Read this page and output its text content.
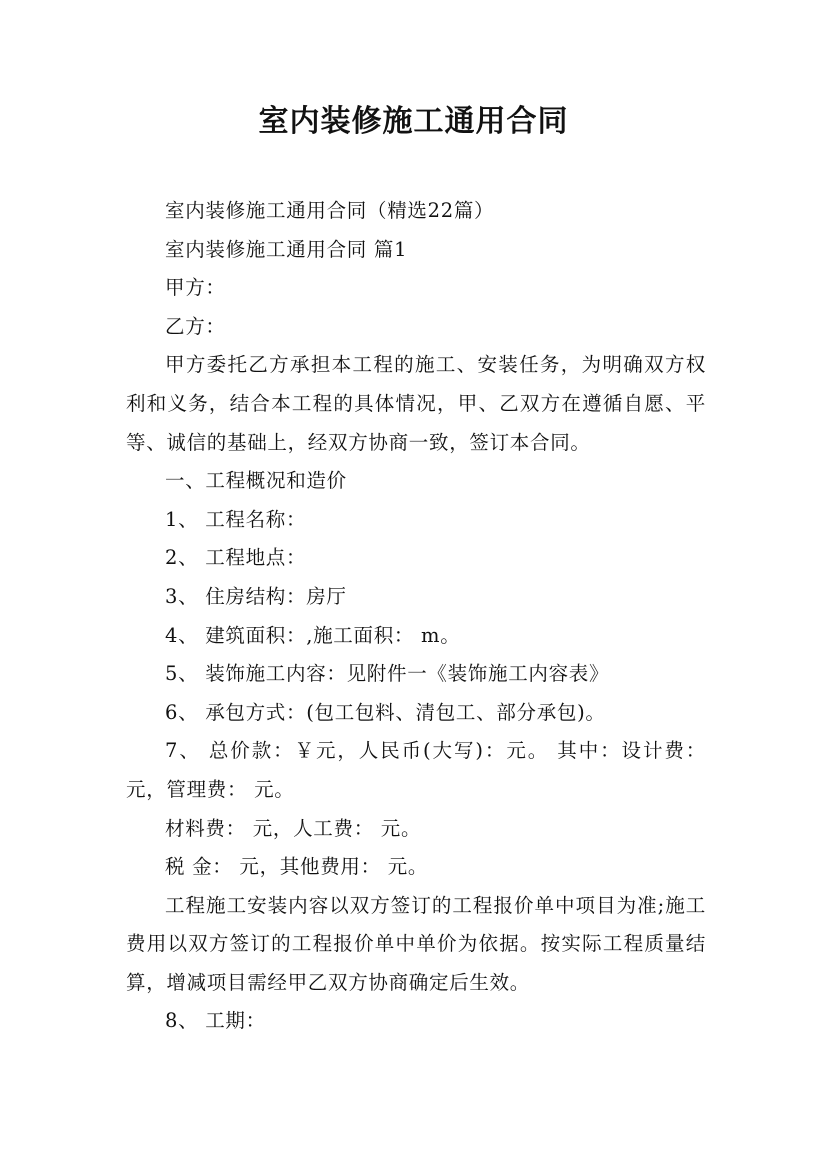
室内装修施工通用合同

室内装修施工通用合同（精选22篇）

室内装修施工通用合同 篇1

甲方：

乙方：

甲方委托乙方承担本工程的施工、安装任务，为明确双方权利和义务，结合本工程的具体情况，甲、乙双方在遵循自愿、平等、诚信的基础上，经双方协商一致，签订本合同。

一、工程概况和造价

1、 工程名称：

2、 工程地点：

3、 住房结构：房厅

4、 建筑面积：,施工面积： m。

5、 装饰施工内容：见附件一《装饰施工内容表》

6、 承包方式：(包工包料、清包工、部分承包)。

7、 总价款：￥元，人民币(大写)：元。 其中：设计费： 元，管理费： 元。

材料费： 元，人工费： 元。

税 金： 元，其他费用： 元。

工程施工安装内容以双方签订的工程报价单中项目为准;施工费用以双方签订的工程报价单中单价为依据。按实际工程质量结算，增减项目需经甲乙双方协商确定后生效。

8、 工期：
